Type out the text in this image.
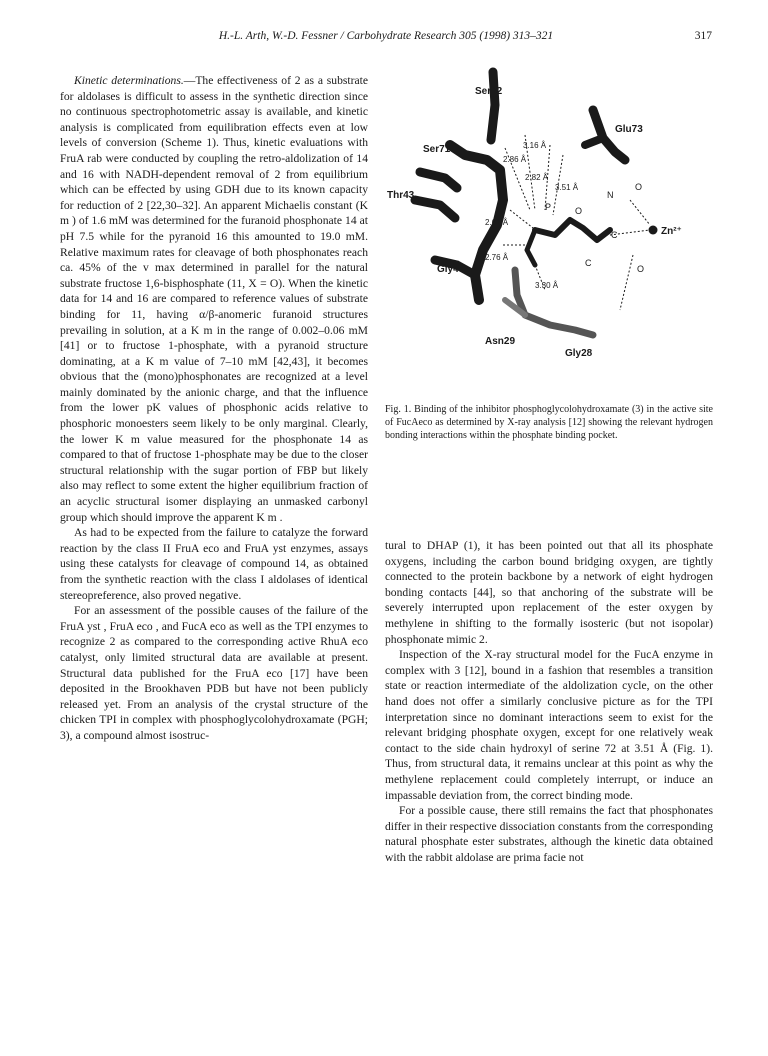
H.-L. Arth, W.-D. Fessner / Carbohydrate Research 305 (1998) 313–321	317

Kinetic determinations.—The effectiveness of 2 as a substrate for aldolases is difficult to assess in the synthetic direction since no continuous spectrophotometric assay is available, and kinetic analysis is complicated from equilibration effects even at low levels of conversion (Scheme 1). Thus, kinetic evaluations with FruA rab were conducted by coupling the retro-aldolization of 14 and 16 with NADH-dependent removal of 2 from equilibrium which can be effected by using GDH due to its known capacity for reduction of 2 [22,30–32]. An apparent Michaelis constant (K m ) of 1.6 mM was determined for the furanoid phosphonate 14 at pH 7.5 while for the pyranoid 16 this amounted to 19.0 mM. Relative maximum rates for cleavage of both phosphonates reach ca. 45% of the v max determined in parallel for the natural substrate fructose 1,6-bisphosphate (11, X = O). When the kinetic data for 14 and 16 are compared to reference values of substrate binding for 11, having α/β-anomeric furanoid structures prevailing in solution, at a K m in the range of 0.002–0.06 mM [41] or to fructose 1-phosphate, with a pyranoid structure dominating, at a K m value of 7–10 mM [42,43], it becomes obvious that the (mono)phosphonates are recognized at a level mainly dominated by the anionic charge, and that the influence from the lower pK values of phosphonic acids relative to phosphoric monoesters seem likely to be only marginal. Clearly, the lower K m value measured for the phosphonate 14 as compared to that of fructose 1-phosphate may be due to the closer structural relationship with the sugar portion of FBP but likely also may reflect to some extent the higher equilibrium fraction of an acyclic structural isomer displaying an unmasked carbonyl group which should improve the apparent K m .

As had to be expected from the failure to catalyze the forward reaction by the class II FruA eco and FruA yst enzymes, assays using these catalysts for cleavage of compound 14, as obtained from the synthetic reaction with the class I aldolases of identical stereopreference, also proved negative.

For an assessment of the possible causes of the failure of the FruA yst , FruA eco , and FucA eco as well as the TPI enzymes to recognize 2 as compared to the corresponding active RhuA eco catalyst, only limited structural data are available at present. Structural data published for the FruA eco [17] have been deposited in the Brookhaven PDB but have not been publicly released yet. From an analysis of the crystal structure of the chicken TPI in complex with phosphoglycolohydroxamate (PGH; 3), a compound almost isostruc-

Ser72
Glu73
Ser71
Thr43
Gly44
Asn29
Gly28
Zn²⁺
3.16 Å
2.86 Å
2.82 Å
3.51 Å
2.61 Å
2.76 Å
3.30 Å
N
O
O
P
C
C
O
Fig. 1. Binding of the inhibitor phosphoglycolohydroxamate (3) in the active site of FucAeco as determined by X-ray analysis [12] showing the relevant hydrogen bonding interactions within the phosphate binding pocket.

tural to DHAP (1), it has been pointed out that all its phosphate oxygens, including the carbon bound bridging oxygen, are tightly connected to the protein backbone by a network of eight hydrogen bonding contacts [44], so that anchoring of the substrate will be severely interrupted upon replacement of the ester oxygen by methylene in shifting to the formally isosteric (but not isopolar) phosphonate mimic 2.

Inspection of the X-ray structural model for the FucA enzyme in complex with 3 [12], bound in a fashion that resembles a transition state or reaction intermediate of the aldolization cycle, on the other hand does not offer a similarly conclusive picture as for the TPI interpretation since no dominant interactions seem to exist for the relevant bridging phosphate oxygen, except for one relatively weak contact to the side chain hydroxyl of serine 72 at 3.51 Å (Fig. 1). Thus, from structural data, it remains unclear at this point as why the methylene replacement could completely interrupt, or induce an impassable deviation from, the correct binding mode.

For a possible cause, there still remains the fact that phosphonates differ in their respective dissociation constants from the corresponding natural phosphate ester substrates, although the kinetic data obtained with the rabbit aldolase are prima facie not
